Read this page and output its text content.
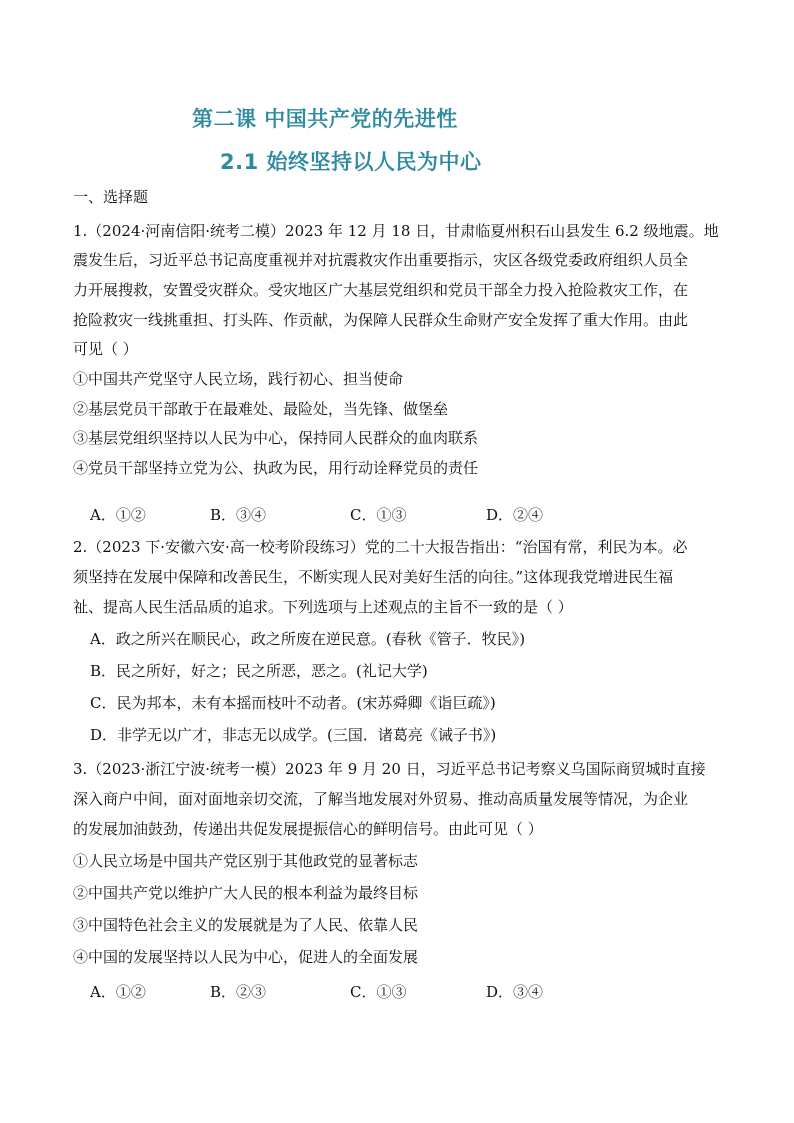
第二课 中国共产党的先进性
2.1 始终坚持以人民为中心
一、选择题
1.（2024·河南信阳·统考二模）2023 年 12 月 18 日，甘肃临夏州积石山县发生 6.2 级地震。地
震发生后，习近平总书记高度重视并对抗震救灾作出重要指示，灾区各级党委政府组织人员全
力开展搜救，安置受灾群众。受灾地区广大基层党组织和党员干部全力投入抢险救灾工作，在
抢险救灾一线挑重担、打头阵、作贡献，为保障人民群众生命财产安全发挥了重大作用。由此
可见（ ）
①中国共产党坚守人民立场，践行初心、担当使命
②基层党员干部敢于在最难处、最险处，当先锋、做堡垒
③基层党组织坚持以人民为中心，保持同人民群众的血肉联系
④党员干部坚持立党为公、执政为民，用行动诠释党员的责任
A．①②	B．③④	C．①③	D．②④
2.（2023 下·安徽六安·高一校考阶段练习）党的二十大报告指出：“治国有常，利民为本。必
须坚持在发展中保障和改善民生，不断实现人民对美好生活的向往。”这体现我党增进民生福
祉、提高人民生活品质的追求。下列选项与上述观点的主旨不一致的是（ ）
A．政之所兴在顺民心，政之所废在逆民意。(春秋《管子．牧民》)
B．民之所好，好之；民之所恶，恶之。(礼记大学)
C．民为邦本，未有本摇而枝叶不动者。(宋苏舜卿《诣巨疏》)
D．非学无以广才，非志无以成学。(三国．诸葛亮《诫子书》)
3.（2023·浙江宁波·统考一模）2023 年 9 月 20 日，习近平总书记考察义乌国际商贸城时直接
深入商户中间，面对面地亲切交流，了解当地发展对外贸易、推动高质量发展等情况，为企业
的发展加油鼓劲，传递出共促发展提振信心的鲜明信号。由此可见（ ）
①人民立场是中国共产党区别于其他政党的显著标志
②中国共产党以维护广大人民的根本利益为最终目标
③中国特色社会主义的发展就是为了人民、依靠人民
④中国的发展坚持以人民为中心，促进人的全面发展
A．①②	B．②③	C．①③	D．③④
